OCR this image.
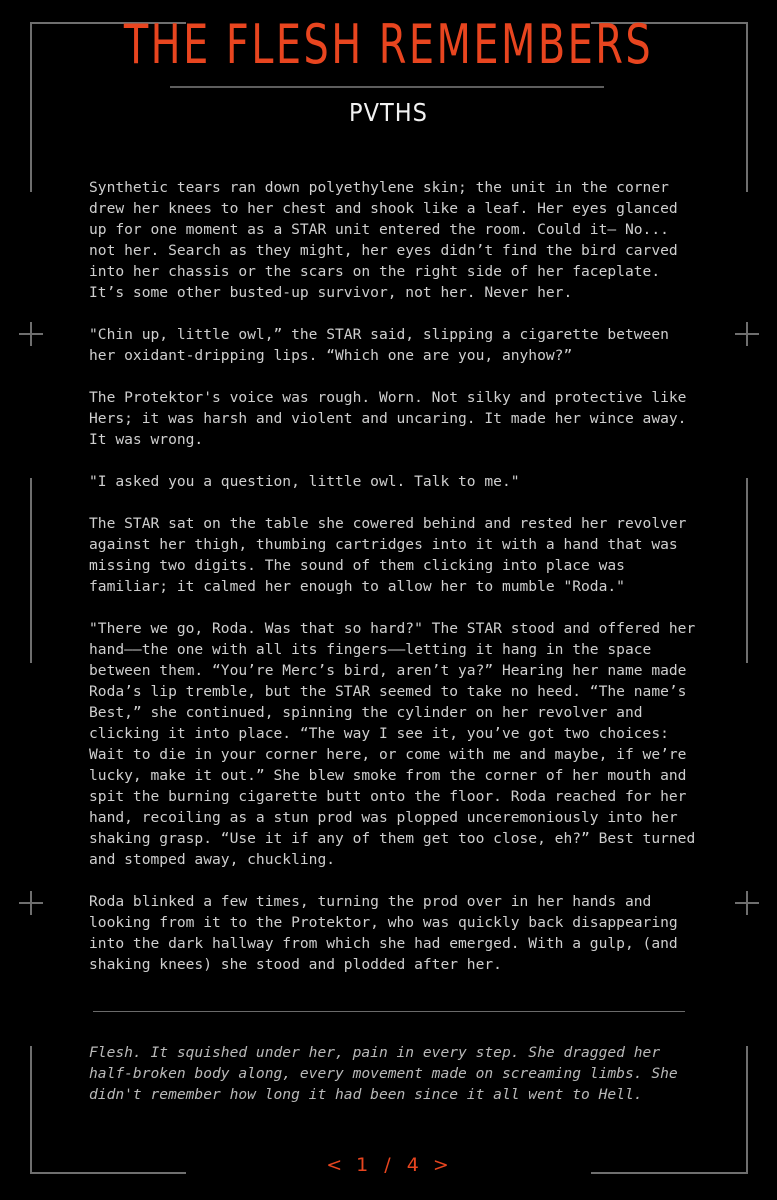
THE FLESH REMEMBERS
PVTHS

Synthetic tears ran down polyethylene skin; the unit in the corner drew her knees to her chest and shook like a leaf. Her eyes glanced up for one moment as a STAR unit entered the room. Could it— No... not her. Search as they might, her eyes didn’t find the bird carved into her chassis or the scars on the right side of her faceplate. It’s some other busted-up survivor, not her. Never her.

"Chin up, little owl,” the STAR said, slipping a cigarette between her oxidant-dripping lips. “Which one are you, anyhow?”

The Protektor's voice was rough. Worn. Not silky and protective like Hers; it was harsh and violent and uncaring. It made her wince away. It was wrong.

"I asked you a question, little owl. Talk to me."

The STAR sat on the table she cowered behind and rested her revolver against her thigh, thumbing cartridges into it with a hand that was missing two digits. The sound of them clicking into place was familiar; it calmed her enough to allow her to mumble "Roda."

"There we go, Roda. Was that so hard?" The STAR stood and offered her hand——the one with all its fingers——letting it hang in the space between them. “You’re Merc’s bird, aren’t ya?” Hearing her name made Roda’s lip tremble, but the STAR seemed to take no heed. “The name’s Best,” she continued, spinning the cylinder on her revolver and clicking it into place. “The way I see it, you’ve got two choices: Wait to die in your corner here, or come with me and maybe, if we’re lucky, make it out.” She blew smoke from the corner of her mouth and spit the burning cigarette butt onto the floor. Roda reached for her hand, recoiling as a stun prod was plopped unceremoniously into her shaking grasp. “Use it if any of them get too close, eh?” Best turned and stomped away, chuckling.

Roda blinked a few times, turning the prod over in her hands and looking from it to the Protektor, who was quickly back disappearing into the dark hallway from which she had emerged. With a gulp, (and shaking knees) she stood and plodded after her.

Flesh. It squished under her, pain in every step. She dragged her half-broken body along, every movement made on screaming limbs. She didn't remember how long it had been since it all went to Hell.
< 1 / 4 >
